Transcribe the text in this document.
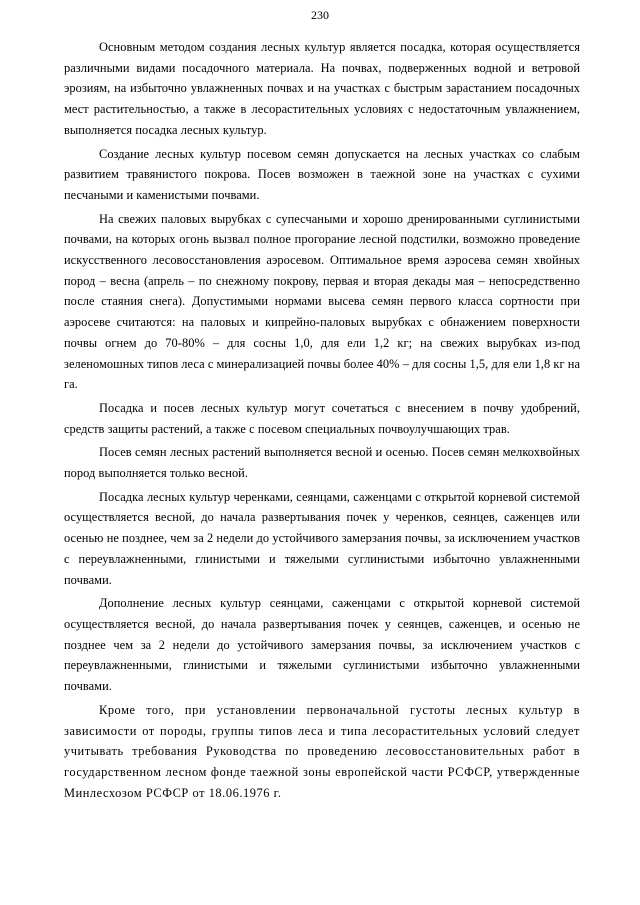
230

Основным методом создания лесных культур является посадка, которая осуществляется различными видами посадочного материала. На почвах, подверженных водной и ветровой эрозиям, на избыточно увлажненных почвах и на участках с быстрым зарастанием посадочных мест растительностью, а также в лесорастительных условиях с недостаточным увлажнением, выполняется посадка лесных культур.

Создание лесных культур посевом семян допускается на лесных участках со слабым развитием травянистого покрова. Посев возможен в таежной зоне на участках с сухими песчаными и каменистыми почвами.

На свежих паловых вырубках с супесчаными и хорошо дренированными суглинистыми почвами, на которых огонь вызвал полное прогорание лесной подстилки, возможно проведение искусственного лесовосстановления аэросевом. Оптимальное время аэросева семян хвойных пород – весна (апрель – по снежному покрову, первая и вторая декады мая – непосредственно после стаяния снега). Допустимыми нормами высева семян первого класса сортности при аэросеве считаются: на паловых и кипрейно-паловых вырубках с обнажением поверхности почвы огнем до 70-80% – для сосны 1,0, для ели 1,2 кг; на свежих вырубках из-под зеленомошных типов леса с минерализацией почвы более 40% – для сосны 1,5, для ели 1,8 кг на га.

Посадка и посев лесных культур могут сочетаться с внесением в почву удобрений, средств защиты растений, а также с посевом специальных почвоулучшающих трав.

Посев семян лесных растений выполняется весной и осенью. Посев семян мелкохвойных пород выполняется только весной.

Посадка лесных культур черенками, сеянцами, саженцами с открытой корневой системой осуществляется весной, до начала развертывания почек у черенков, сеянцев, саженцев или осенью не позднее, чем за 2 недели до устойчивого замерзания почвы, за исключением участков с переувлажненными, глинистыми и тяжелыми суглинистыми избыточно увлажненными почвами.

Дополнение лесных культур сеянцами, саженцами с открытой корневой системой осуществляется весной, до начала развертывания почек у сеянцев, саженцев, и осенью не позднее чем за 2 недели до устойчивого замерзания почвы, за исключением участков с переувлажненными, глинистыми и тяжелыми суглинистыми избыточно увлажненными почвами.

Кроме того, при установлении первоначальной густоты лесных культур в зависимости от породы, группы типов леса и типа лесорастительных условий следует учитывать требования Руководства по проведению лесовосстановительных работ в государственном лесном фонде таежной зоны европейской части РСФСР, утвержденные Минлесхозом РСФСР от 18.06.1976 г.
